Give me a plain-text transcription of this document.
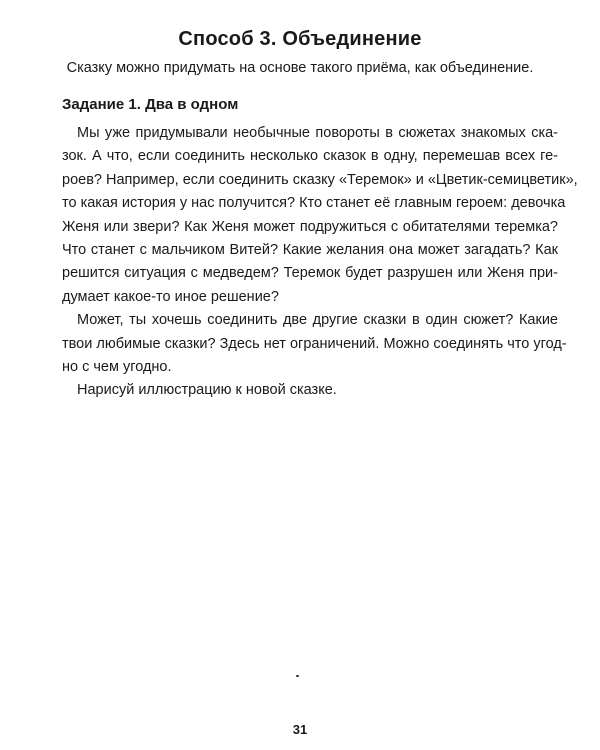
Способ 3. Объединение
Сказку можно придумать на основе такого приёма, как объединение.
Задание 1. Два в одном
Мы уже придумывали необычные повороты в сюжетах знакомых ска-
зок. А что, если соединить несколько сказок в одну, перемешав всех ге-
роев? Например, если соединить сказку «Теремок» и «Цветик-семицветик»,
то какая история у нас получится? Кто станет её главным героем: девочка
Женя или звери? Как Женя может подружиться с обитателями теремка?
Что станет с мальчиком Витей? Какие желания она может загадать? Как
решится ситуация с медведем? Теремок будет разрушен или Женя при-
думает какое-то иное решение?
Может, ты хочешь соединить две другие сказки в один сюжет? Какие
твои любимые сказки? Здесь нет ограничений. Можно соединять что угод-
но с чем угодно.
Нарисуй иллюстрацию к новой сказке.
31
